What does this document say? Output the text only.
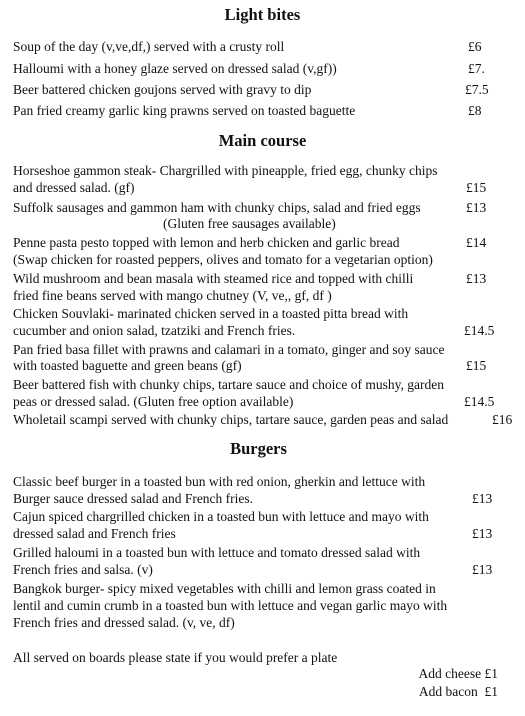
Light bites
Soup of the day (v,ve,df,) served with a crusty roll	£6
Halloumi with a honey glaze served on dressed salad (v,gf))	£7.
Beer battered chicken goujons served with gravy to dip	£7.5
Pan fried creamy garlic king prawns served on toasted baguette	£8
Main course
Horseshoe gammon steak- Chargrilled with pineapple, fried egg, chunky chips
and dressed salad. (gf)	£15
Suffolk sausages and gammon ham with chunky chips, salad and fried eggs	£13
(Gluten free sausages available)
Penne pasta pesto topped with lemon and herb chicken and garlic bread	£14
(Swap chicken for roasted peppers, olives and tomato for a vegetarian option)
Wild mushroom and bean masala with steamed rice and topped with chilli	£13
fried fine beans served with mango chutney (V, ve,, gf, df )
Chicken Souvlaki- marinated chicken served in a toasted pitta bread with
cucumber and onion salad, tzatziki and French fries.	£14.5
Pan fried basa fillet with prawns and calamari in a tomato, ginger and soy sauce
with toasted baguette and green beans (gf)	£15
Beer battered fish with chunky chips, tartare sauce and choice of mushy, garden
peas or dressed salad. (Gluten free option available)	£14.5
Wholetail scampi served with chunky chips, tartare sauce, garden peas and salad	£16
Burgers
Classic beef burger in a toasted bun with red onion, gherkin and lettuce with
Burger sauce dressed salad and French fries.	£13
Cajun spiced chargrilled chicken in a toasted bun with lettuce and mayo with
dressed salad and French fries	£13
Grilled haloumi in a toasted bun with lettuce and tomato dressed salad with
French fries and salsa. (v)	£13
Bangkok burger- spicy mixed vegetables with chilli and lemon grass coated in
lentil and cumin crumb in a toasted bun with lettuce and vegan garlic mayo with
French fries and dressed salad. (v, ve, df)
All served on boards please state if you would prefer a plate
Add cheese £1
Add bacon  £1
